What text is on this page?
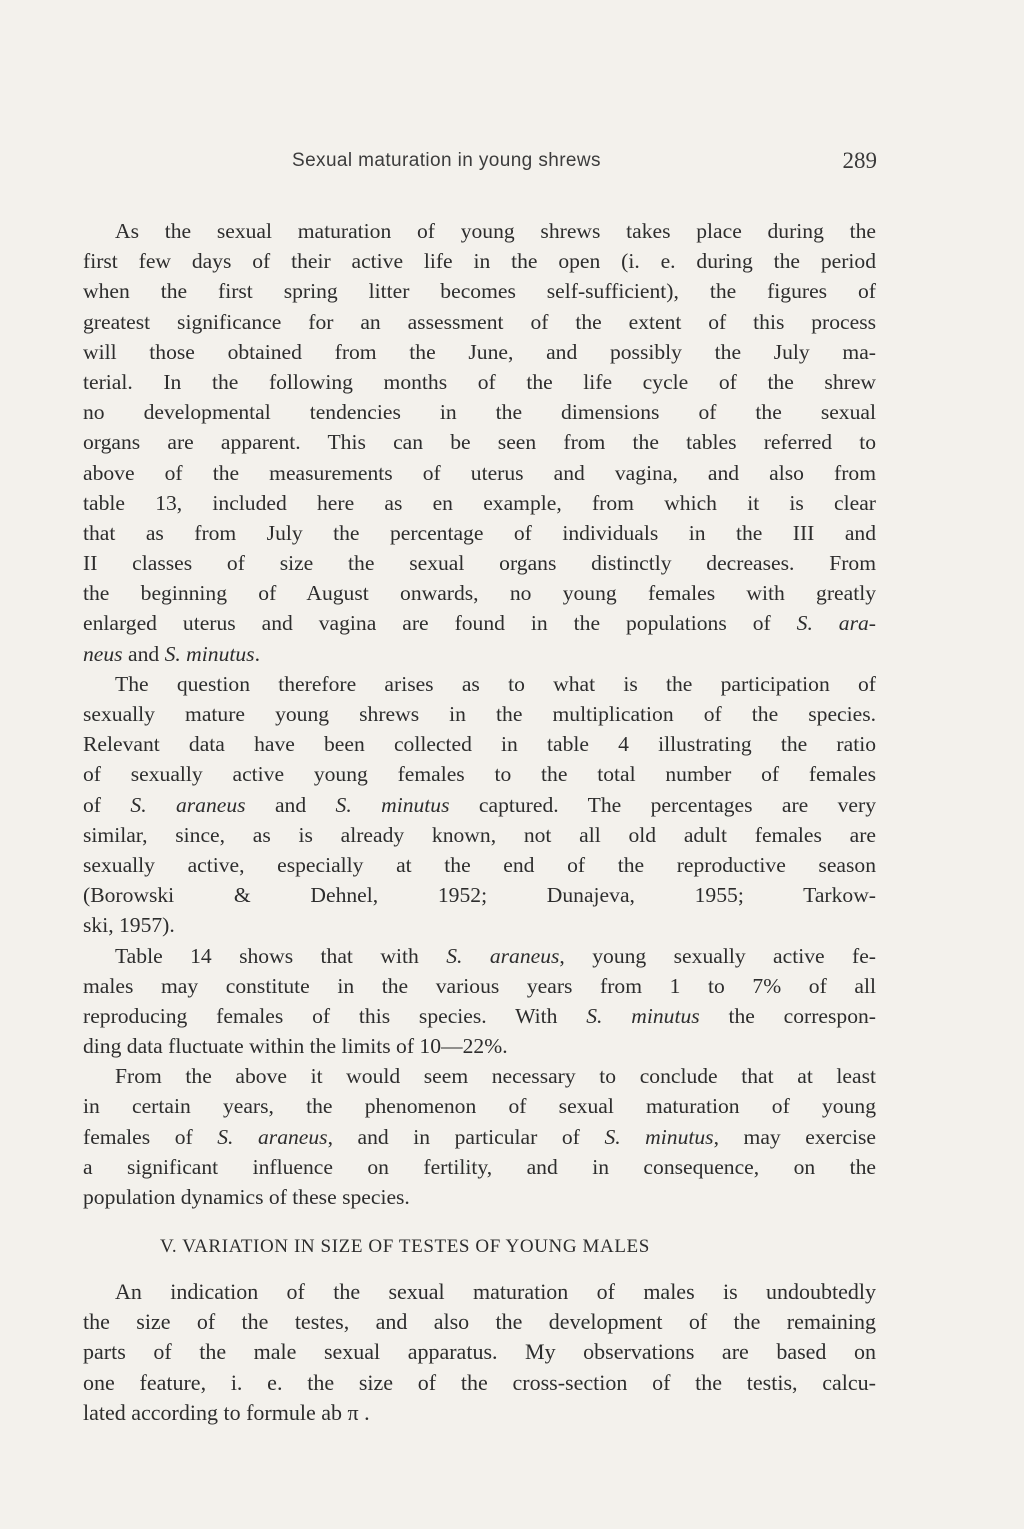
Sexual maturation in young shrews	289
As the sexual maturation of young shrews takes place during the
first few days of their active life in the open (i. e. during the period
when the first spring litter becomes self-sufficient), the figures of
greatest significance for an assessment of the extent of this process
will those obtained from the June, and possibly the July ma-
terial. In the following months of the life cycle of the shrew
no developmental tendencies in the dimensions of the sexual
organs are apparent. This can be seen from the tables referred to
above of the measurements of uterus and vagina, and also from
table 13, included here as en example, from which it is clear
that as from July the percentage of individuals in the III and
II classes of size the sexual organs distinctly decreases. From
the beginning of August onwards, no young females with greatly
enlarged uterus and vagina are found in the populations of S. ara-
neus and S. minutus.
The question therefore arises as to what is the participation of
sexually mature young shrews in the multiplication of the species.
Relevant data have been collected in table 4 illustrating the ratio
of sexually active young females to the total number of females
of S. araneus and S. minutus captured. The percentages are very
similar, since, as is already known, not all old adult females are
sexually active, especially at the end of the reproductive season
(Borowski & Dehnel, 1952; Dunajeva, 1955; Tarkow-
ski, 1957).
Table 14 shows that with S. araneus, young sexually active fe-
males may constitute in the various years from 1 to 7% of all
reproducing females of this species. With S. minutus the correspon-
ding data fluctuate within the limits of 10—22%.
From the above it would seem necessary to conclude that at least
in certain years, the phenomenon of sexual maturation of young
females of S. araneus, and in particular of S. minutus, may exercise
a significant influence on fertility, and in consequence, on the
population dynamics of these species.
V. VARIATION IN SIZE OF TESTES OF YOUNG MALES
An indication of the sexual maturation of males is undoubtedly
the size of the testes, and also the development of the remaining
parts of the male sexual apparatus. My observations are based on
one feature, i. e. the size of the cross-section of the testis, calcu-
lated according to formule ab π .
